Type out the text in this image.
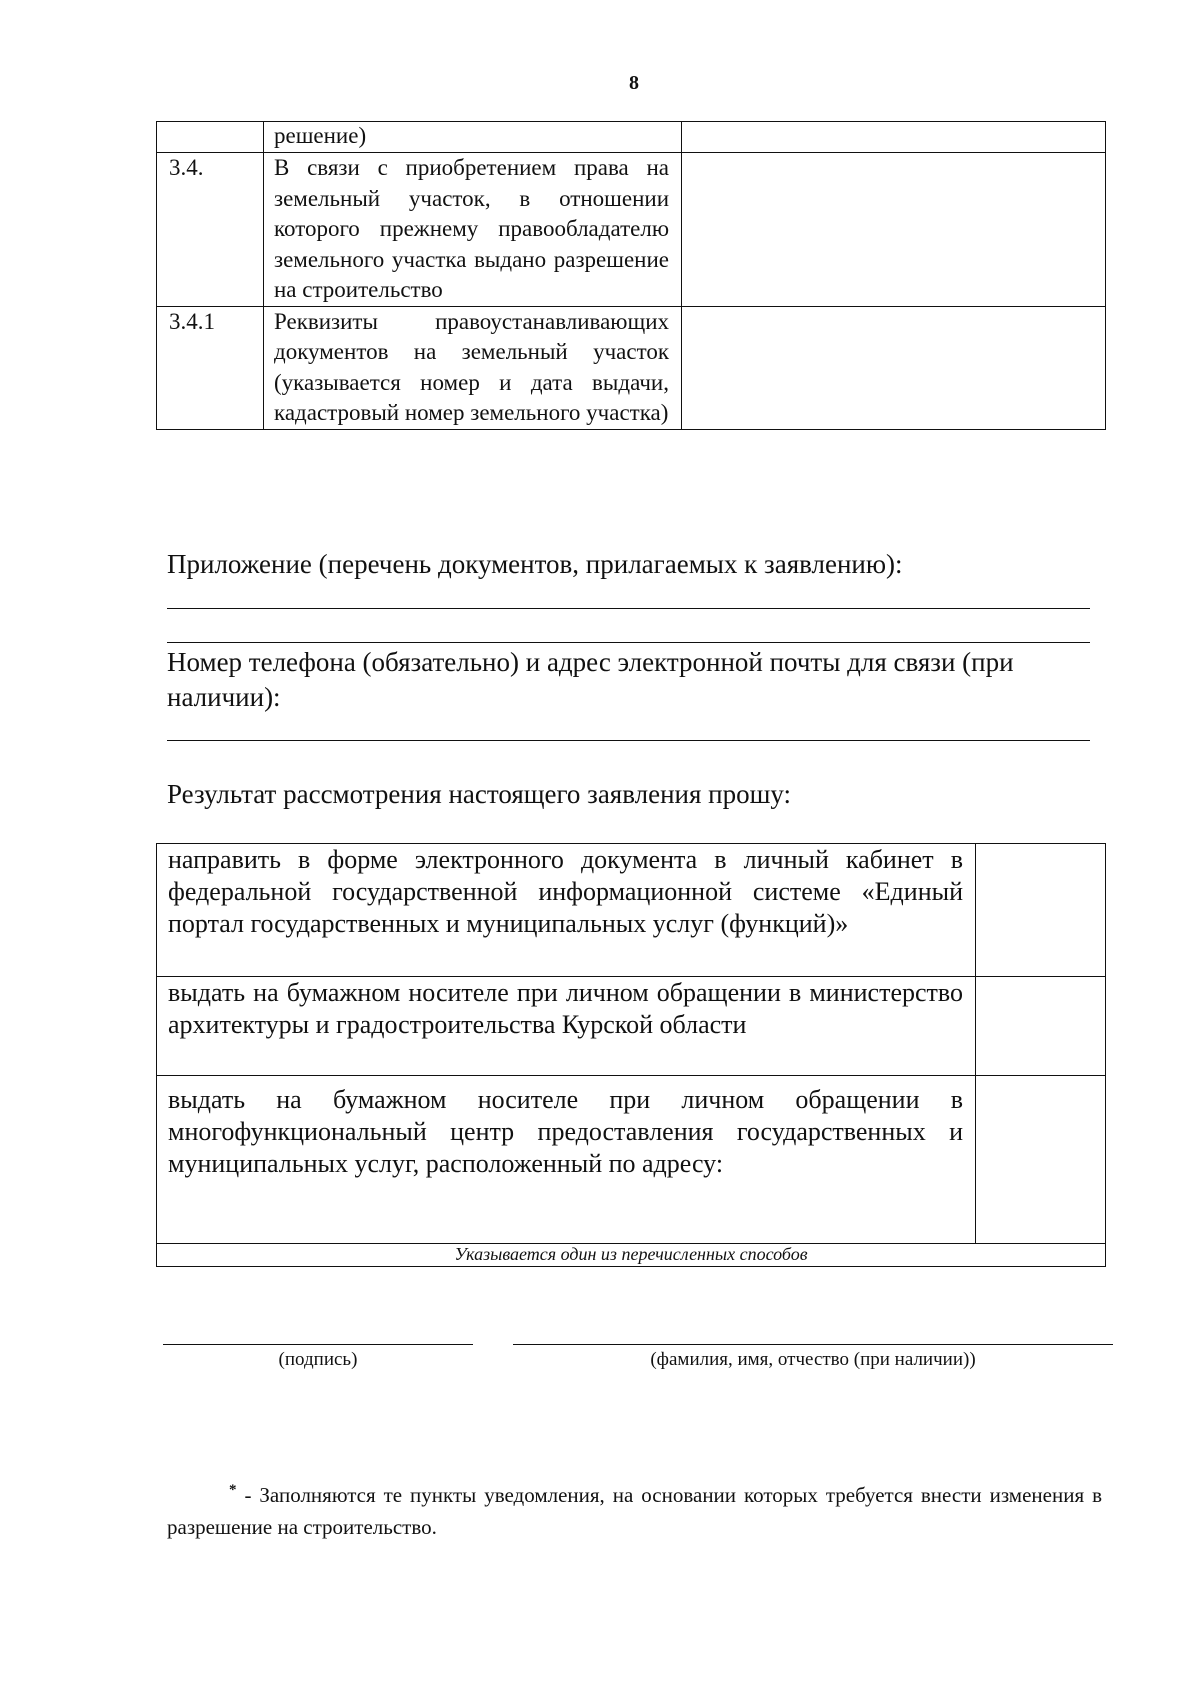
8
	решение)	
3.4.	В связи с приобретением права на земельный участок, в отношении которого прежнему правообладателю земельного участка выдано разрешение на строительство	
3.4.1	Реквизиты правоустанавливающих документов на земельный участок (указывается номер и дата выдачи, кадастровый номер земельного участка)	
Приложение (перечень документов, прилагаемых к заявлению):
Номер телефона (обязательно) и адрес электронной почты для связи (при наличии):
Результат рассмотрения настоящего заявления прошу:
направить в форме электронного документа в личный кабинет в федеральной государственной информационной системе «Единый портал государственных и муниципальных услуг (функций)»	
выдать на бумажном носителе при личном обращении в министерство архитектуры и градостроительства Курской области	
выдать на бумажном носителе при личном обращении в многофункциональный центр предоставления государственных и муниципальных услуг, расположенный по адресу:	
Указывается один из перечисленных способов	
(подпись)	(фамилия, имя, отчество (при наличии))
* - Заполняются те пункты уведомления, на основании которых требуется внести изменения в разрешение на строительство.
